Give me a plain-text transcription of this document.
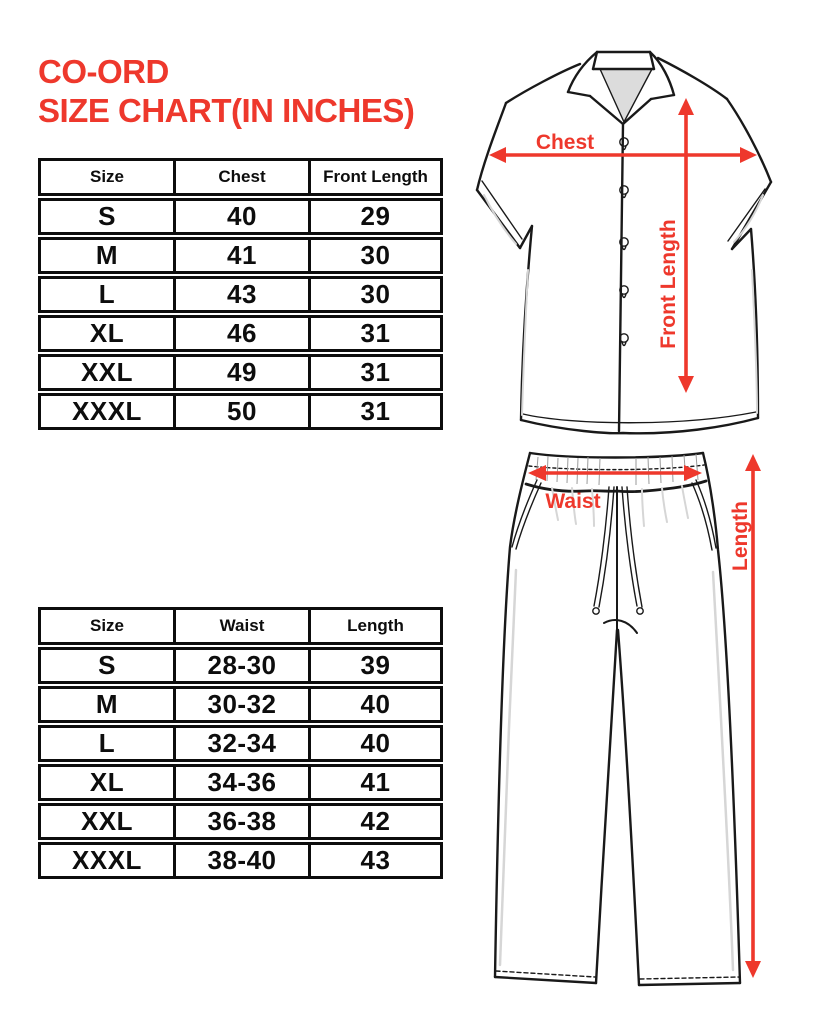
CO-ORD
SIZE CHART(IN INCHES)
Size	Chest	Front Length
S	40	29
M	41	30
L	43	30
XL	46	31
XXL	49	31
XXXL	50	31
Size	Waist	Length
S	28-30	39
M	30-32	40
L	32-34	40
XL	34-36	41
XXL	36-38	42
XXXL	38-40	43
Chest
Front Length
Waist	Length
